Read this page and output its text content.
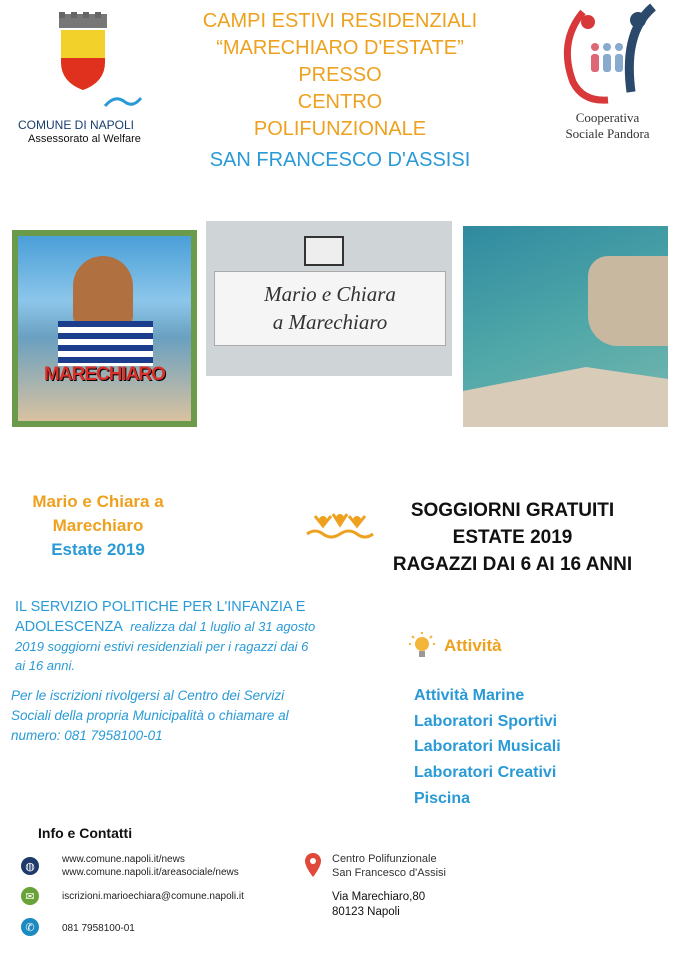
COMUNE DI NAPOLI
Assessorato al Welfare
CAMPI ESTIVI RESIDENZIALI
“MARECHIARO D'ESTATE”
PRESSO
CENTRO
POLIFUNZIONALE
SAN FRANCESCO D'ASSISI
Cooperativa
Sociale Pandora
MARECHIARO
Mario e Chiara
a Marechiaro
Mario e Chiara a
Marechiaro
Estate 2019
SOGGIORNI GRATUITI
ESTATE 2019
RAGAZZI DAI 6 AI 16 ANNI
IL SERVIZIO POLITICHE PER L'INFANZIA E ADOLESCENZA realizza dal 1 luglio al 31 agosto 2019 soggiorni estivi residenziali per i ragazzi dai 6 ai 16 anni.
Per le iscrizioni rivolgersi al Centro dei Servizi Sociali della propria Municipalità o chiamare al numero: 081 7958100-01
Attività
Attività Marine
Laboratori Sportivi
Laboratori Musicali
Laboratori Creativi
Piscina
Info e Contatti
◍
www.comune.napoli.it/news
www.comune.napoli.it/areasociale/news
✉	iscrizioni.marioechiara@comune.napoli.it
✆	081 7958100-01
Centro Polifunzionale
San Francesco d'Assisi
Via Marechiaro,80
80123 Napoli
